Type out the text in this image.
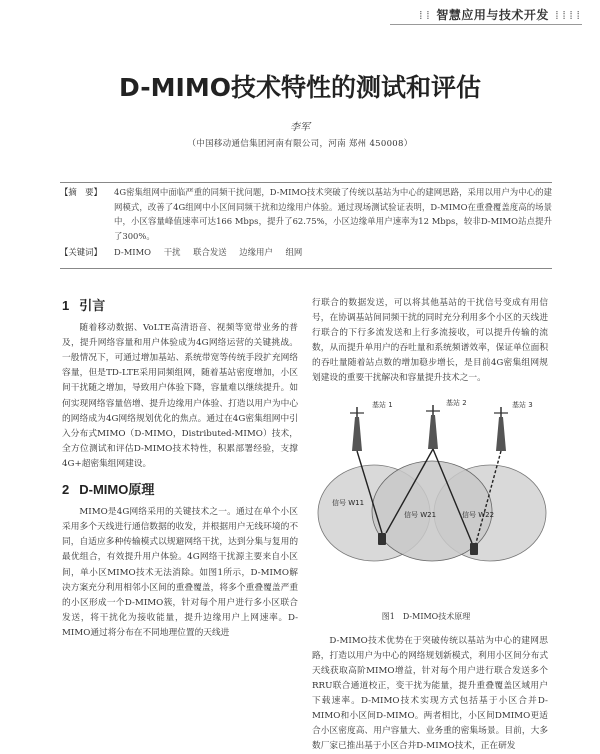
⁞⁞ 智慧应用与技术开发 ⁞⁞⁞⁞
D-MIMO技术特性的测试和评估
李军
（中国移动通信集团河南有限公司，河南 郑州 450008）
【摘　要】	4G密集组网中面临严重的同频干扰问题，D-MIMO技术突破了传统以基站为中心的建网思路，采用以用户为中心的建网模式，改善了4G组网中小区间同频干扰和边缘用户体验。通过现场测试验证表明，D-MIMO在重叠覆盖度高的场景中，小区容量峰值速率可达166 Mbps，提升了62.75%，小区边缘单用户速率为12 Mbps，较非D-MIMO站点提升了300%。
【关键词】	D-MIMO 干扰 联合发送 边缘用户 组网
1 引言

随着移动数据、VoLTE高清语音、视频等宽带业务的普及，提升网络容量和用户体验成为4G网络运营的关键挑战。一般情况下，可通过增加基站、系统带宽等传统手段扩充网络容量，但是TD-LTE采用同频组网，随着基站密度增加，小区间干扰随之增加，导致用户体验下降，容量难以继续提升。如何实现网络容量倍增、提升边缘用户体验、打造以用户为中心的网络成为4G网络规划优化的焦点。通过在4G密集组网中引入分布式MIMO（D-MIMO，Distributed-MIMO）技术，全方位测试和评估D-MIMO技术特性，积累部署经验，支撑4G+超密集组网建设。

2 D-MIMO原理

MIMO是4G网络采用的关键技术之一。通过在单个小区采用多个天线进行通信数据的收发，并根据用户无线环境的不同，自适应多种传输模式以规避网络干扰，达到分集与复用的最优组合，有效提升用户体验。4G网络干扰源主要来自小区间，单小区MIMO技术无法消除。如图1所示，D-MIMO解决方案充分利用相邻小区间的重叠覆盖，将多个重叠覆盖严重的小区形成一个D-MIMO簇，针对每个用户进行多小区联合发送，将干扰化为接收能量，提升边缘用户上网速率。D-MIMO通过将分布在不同地理位置的天线进

行联合的数据发送，可以将其他基站的干扰信号变成有用信号，在协调基站间同频干扰的同时充分利用多个小区的天线进行联合的下行多流发送和上行多流接收，可以提升传输的流数，从而提升单用户的吞吐量和系统频谱效率，保证单位面积的吞吐量随着站点数的增加稳步增长，是目前4G密集组网规划建设的重要干扰解决和容量提升技术之一。

基站 1	基站 2	基站 3
信号 W11
信号 W21	信号 W22
图1 D-MIMO技术原理

D-MIMO技术优势在于突破传统以基站为中心的建网思路，打造以用户为中心的网络规划新模式，利用小区间分布式天线获取高阶MIMO增益，针对每个用户进行联合发送多个RRU联合通道校正，变干扰为能量，提升重叠覆盖区域用户下载速率。D-MIMO技术实现方式包括基于小区合并D-MIMO和小区间D-MIMO。两者相比，小区间DMIMO更适合小区密度高、用户容量大、业务重的密集场景。目前，大多数厂家已推出基于小区合并D-MIMO技术，正在研发
